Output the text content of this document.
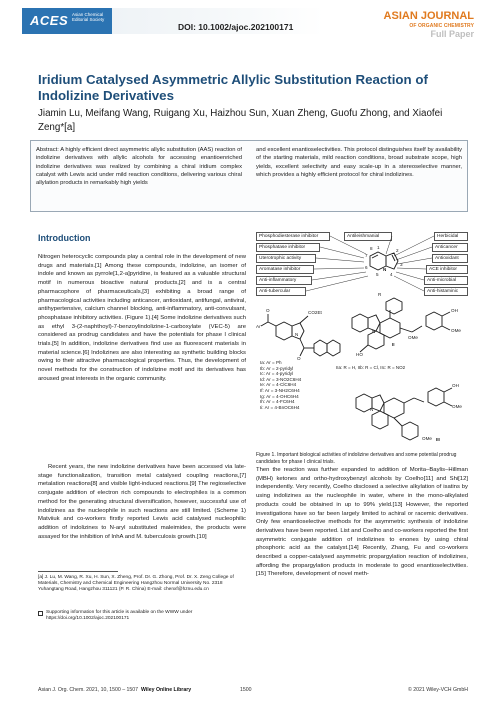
ACES Asian Chemical Editorial Society
DOI: 10.1002/ajoc.202100171
ASIAN JOURNAL
OF ORGANIC CHEMISTRY
Full Paper
Iridium Catalysed Asymmetric Allylic Substitution Reaction of Indolizine Derivatives
Jiamin Lu, Meifang Wang, Ruigang Xu, Haizhou Sun, Xuan Zheng, Guofu Zhong, and Xiaofei Zeng*[a]

Abstract: A highly efficient direct asymmetric allylic substitution (AAS) reaction of indolizine derivatives with allylic alcohols for accessing enantioenriched indolizine derivatives was realized by combining a chiral iridium complex catalyst with Lewis acid under mild reaction conditions, delivering various chiral allylation products in remarkably high yields

and excellent enantioselectivities. This protocol distinguishes itself by availability of the starting materials, mild reaction conditions, broad substrate scope, high yields, excellent selectivity and easy scale-up in a stereoselective manner, which provides a highly efficient protocol for chiral indolizines.

Introduction

Nitrogen heterocyclic compounds play a central role in the development of new drugs and materials.[1] Among these compounds, indolizine, an isomer of indole and known as pyrrole[1,2-a]pyridine, is featured as a valuable structural motif in numerous bioactive natural products,[2] and is a central pharmacophore of pharmaceuticals,[3] exhibiting a broad range of pharmacological activities including anticancer, antioxidant, antifungal, antiviral, antihypertensive, calcium channel blocking, anti-inflammatory, anti-convulsant, phosphatase inhibitory activities. (Figure 1).[4] Some indolizine derivatives such as ethyl 3-(2-naphthoyl)-7-benzoylindolizine-1-carboxylate (VEC-5) are considered as prodrug candidates and have the potentials for phase I clinical trials.[5] In addition, indolizine derivatives find use as fluorescent materials in material science.[6] Indolizines are also interesting as synthetic building blocks owing to their attractive pharmacological properties. Thus, the development of novel methods for the construction of indolizine motif and its derivatives has aroused great interests in the organic community.

Recent years, the new indolizine derivatives have been accessed via late-stage functionalization, transition metal catalysed coupling reactions,[7] metalation reactions[8] and visible light-induced reactions.[9] The regioselective conjugate addition of electron rich compounds to electrophiles is a common method for the generating structural diversification, however, successful use of indolizines as the nucleophile in such reactions are still limited. (Scheme 1) Matviiuk and co-workers firstly reported Lewis acid catalysed nucleophilic addition of indolizines to N-aryl substituted maleimides, the products were assayed for the inhibition of InhA and M. tuberculosis growth.[10]

Then the reaction was further expanded to addition of Morita–Baylis–Hillman (MBH) ketones and ortho-hydroxybenzyl alcohols by Coelho[11] and Shi[12] independently. Very recently, Coelho disclosed a selective alkylation of isatins by using indolizines as the nucleophile in water, where in the mono-alkylated products could be obtained in up to 99% yield.[13] However, the reported investigations have so far been largely limited to achiral or racemic derivatives. Only few enantioselective methods for the asymmetric synthesis of indolizine derivatives have been reported. List and Coelho and co-workers reported the first asymmetric conjugate addition of indolizines to enones by using chiral phosphoric acid as the catalyst.[14] Recently, Zhang, Fu and co-workers described a copper-catalysed asymmetric propargylation reaction of indolizines, affording the propargylation products in moderate to good enantioselectivities.[15] Therefore, development of novel meth-

[a] J. Lu, M. Wang, R. Xu, H. Sun, X. Zheng, Prof. Dr. G. Zhong, Prof. Dr. X. Zeng College of Materials, Chemistry and Chemical Engineering Hangzhou Normal University No. 2318 Yuhangtang Road, Hangzhou 311121 (P. R. China) E-mail: chenxf@hznu.edu.cn

Supporting information for this article is available on the WWW under https://doi.org/10.1002/ajoc.202100171

Phosphodiesterase inhibitor
Phosphatase inhibitor
Uterotrophic activity
Aromatase inhibitor
Anti-inflammatory
Anti-tubercular
Antileishmanial	Herbicidal
Anticancer
Antioxidant
ACE inhibitor
Anti-microbial
Anti-histaminic
1
2
3
4
5
6
7
8
N
CO2Et
Ar
O
O
N
R
OH
OMe
OMe
HO
N
II
IIa: R = H, IIb: R = Cl, IIc: R = NO2
Ia: Ar = Ph
Ib: Ar = 2-pyridyl
Ic: Ar = 4-pyridyl
Id: Ar = 3-NO2C6H4
Ie: Ar = 4-ClC6H4
If: Ar = 3-NH2C6H4
Ig: Ar = 4-OHC6H4
Ih: Ar = 4-FC6H4
Ii: Ar = 4-BnOC6H4
OH
OMe
N
OMe III

Figure 1. Important biological activities of indolizine derivatives and some potential prodrug candidates for phase I clinical trials.

Asian J. Org. Chem. 2021, 10, 1500 – 1507 Wiley Online Library	1500	© 2021 Wiley-VCH GmbH
